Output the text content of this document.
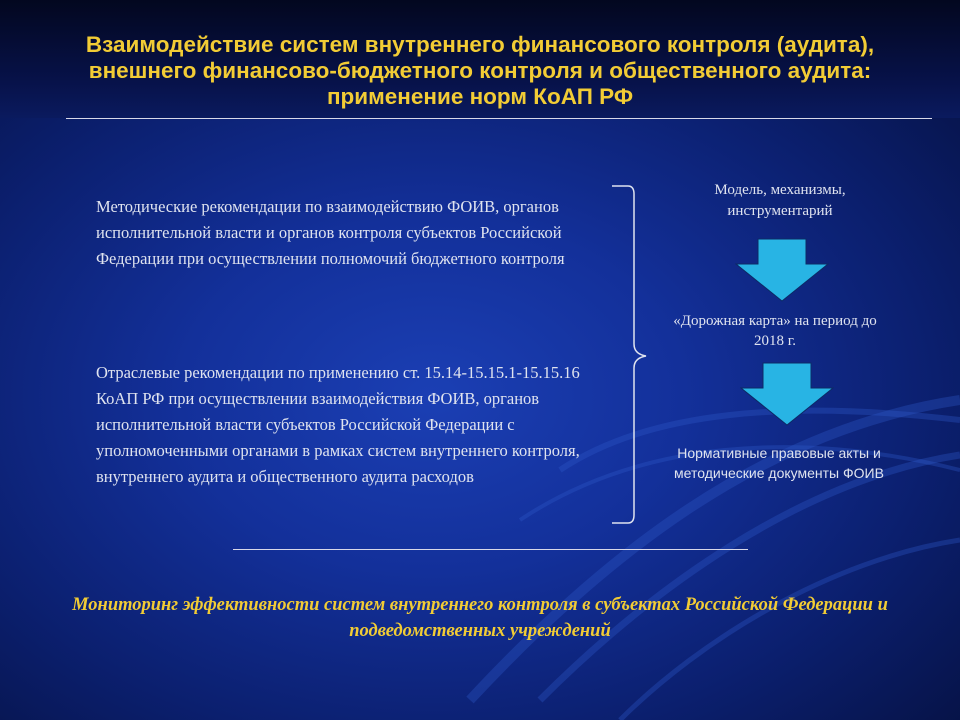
Взаимодействие систем внутреннего финансового контроля (аудита), внешнего финансово-бюджетного контроля и общественного аудита: применение норм КоАП РФ
Методические рекомендации по взаимодействию ФОИВ, органов исполнительной власти и органов контроля субъектов Российской Федерации при осуществлении полномочий бюджетного контроля
Отраслевые рекомендации по применению ст. 15.14-15.15.1-15.15.16 КоАП РФ при осуществлении взаимодействия ФОИВ, органов исполнительной власти субъектов Российской Федерации с уполномоченными органами в рамках систем внутреннего контроля, внутреннего аудита и общественного аудита расходов
Модель, механизмы, инструментарий
«Дорожная карта» на период до 2018 г.
Нормативные правовые акты и методические документы ФОИВ
Мониторинг эффективности систем внутреннего контроля в субъектах Российской Федерации и подведомственных учреждений
